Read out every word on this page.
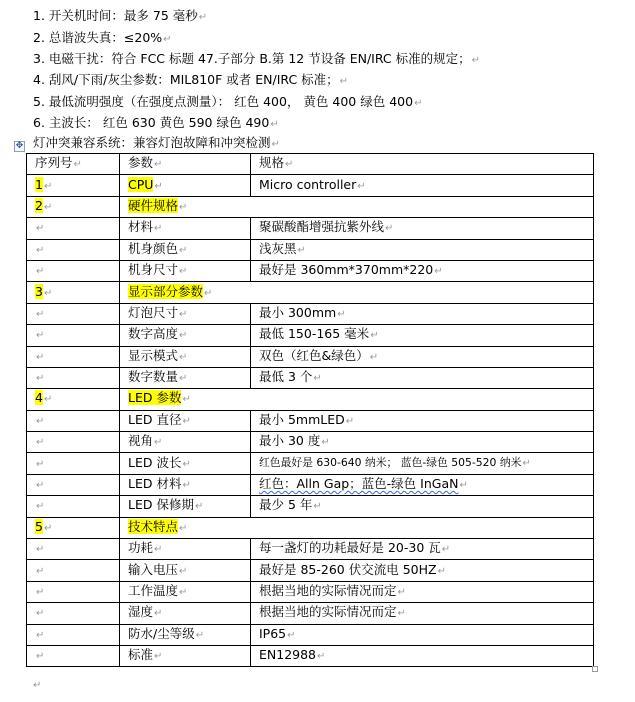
1. 开关机时间：最多 75 毫秒↵
2. 总谐波失真：≤20%↵
3. 电磁干扰：符合 FCC 标题 47.子部分 B.第 12 节设备 EN/IRC 标准的规定；↵
4. 刮风/下雨/灰尘参数：MIL810F 或者 EN/IRC 标准；↵
5. 最低流明强度（在强度点测量）： 红色 400， 黄色 400 绿色 400↵
6. 主波长： 红色 630 黄色 590 绿色 490↵
灯冲突兼容系统：兼容灯泡故障和冲突检测↵
✥
序列号↵	参数↵	规格↵
1↵	CPU↵	Micro controller↵
2↵	硬件规格↵	
↵	材料↵	聚碳酸酯增强抗紫外线↵
↵	机身颜色↵	浅灰黑↵
↵	机身尺寸↵	最好是 360mm*370mm*220↵
3↵	显示部分参数↵	
↵	灯泡尺寸↵	最小 300mm↵
↵	数字高度↵	最低 150-165 毫米↵
↵	显示模式↵	双色（红色&绿色）↵
↵	数字数量↵	最低 3 个↵
4↵	LED 参数↵	
↵	LED 直径↵	最小 5mmLED↵
↵	视角↵	最小 30 度↵
↵	LED 波长↵	红色最好是 630-640 纳米； 蓝色-绿色 505-520 纳米↵
↵	LED 材料↵	红色：Alln Gap；蓝色-绿色 InGaN↵
↵	LED 保修期↵	最少 5 年↵
5↵	技术特点↵	
↵	功耗↵	每一盏灯的功耗最好是 20-30 瓦↵
↵	输入电压↵	最好是 85-260 伏交流电 50HZ↵
↵	工作温度↵	根据当地的实际情况而定↵
↵	湿度↵	根据当地的实际情况而定↵
↵	防水/尘等级↵	IP65↵
↵	标准↵	EN12988↵
↵
